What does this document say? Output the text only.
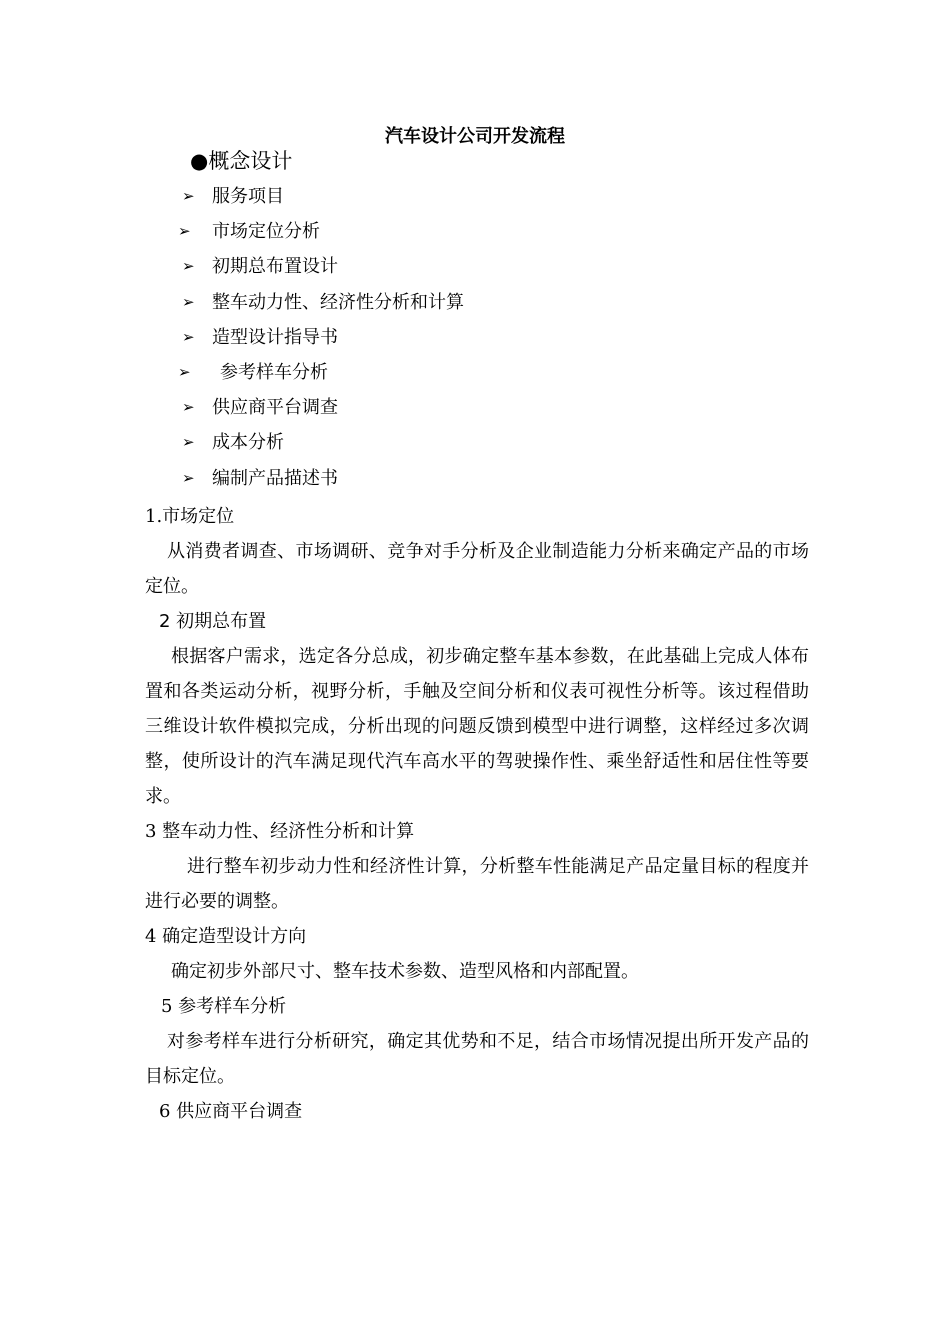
汽车设计公司开发流程
●概念设计
➢ 服务项目
➢ 市场定位分析
➢ 初期总布置设计
➢ 整车动力性、经济性分析和计算
➢ 造型设计指导书
➢ 参考样车分析
➢ 供应商平台调查
➢ 成本分析
➢ 编制产品描述书

1.市场定位

从消费者调查、市场调研、竞争对手分析及企业制造能力分析来确定产品的市场定位。

2 初期总布置

根据客户需求，选定各分总成，初步确定整车基本参数，在此基础上完成人体布置和各类运动分析，视野分析，手触及空间分析和仪表可视性分析等。该过程借助三维设计软件模拟完成，分析出现的问题反馈到模型中进行调整，这样经过多次调整，使所设计的汽车满足现代汽车高水平的驾驶操作性、乘坐舒适性和居住性等要求。

3 整车动力性、经济性分析和计算

进行整车初步动力性和经济性计算，分析整车性能满足产品定量目标的程度并进行必要的调整。

4 确定造型设计方向

确定初步外部尺寸、整车技术参数、造型风格和内部配置。

5 参考样车分析

对参考样车进行分析研究，确定其优势和不足，结合市场情况提出所开发产品的目标定位。

6 供应商平台调查
